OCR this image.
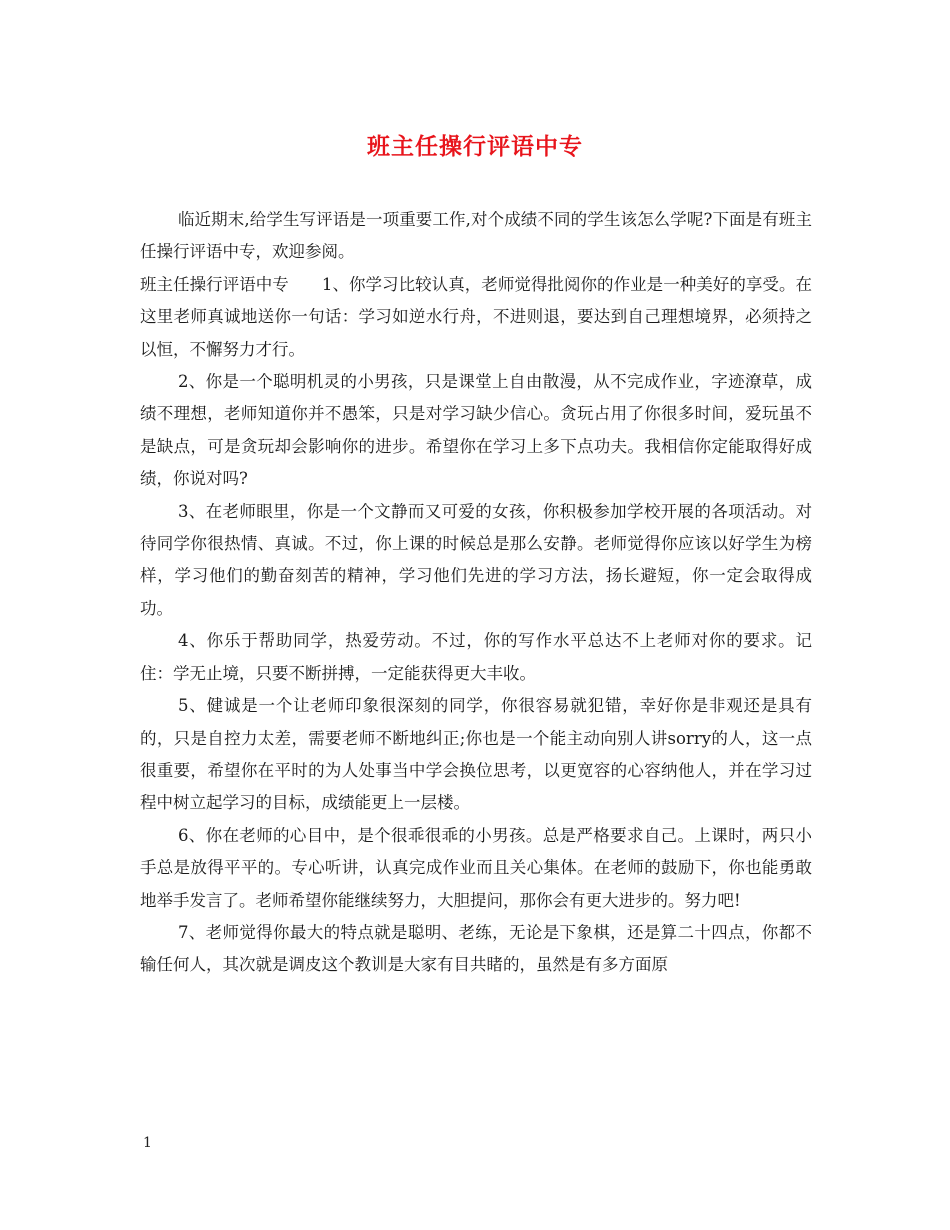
班主任操行评语中专

临近期末,给学生写评语是一项重要工作,对个成绩不同的学生该怎么学呢?下面是有班主任操行评语中专，欢迎参阅。

班主任操行评语中专　　1、你学习比较认真，老师觉得批阅你的作业是一种美好的享受。在这里老师真诚地送你一句话：学习如逆水行舟，不进则退，要达到自己理想境界，必须持之以恒，不懈努力才行。

2、你是一个聪明机灵的小男孩，只是课堂上自由散漫，从不完成作业，字迹潦草，成绩不理想，老师知道你并不愚笨，只是对学习缺少信心。贪玩占用了你很多时间，爱玩虽不是缺点，可是贪玩却会影响你的进步。希望你在学习上多下点功夫。我相信你定能取得好成绩，你说对吗?

3、在老师眼里，你是一个文静而又可爱的女孩，你积极参加学校开展的各项活动。对待同学你很热情、真诚。不过，你上课的时候总是那么安静。老师觉得你应该以好学生为榜样，学习他们的勤奋刻苦的精神，学习他们先进的学习方法，扬长避短，你一定会取得成功。

4、你乐于帮助同学，热爱劳动。不过，你的写作水平总达不上老师对你的要求。记住：学无止境，只要不断拼搏，一定能获得更大丰收。

5、健诚是一个让老师印象很深刻的同学，你很容易就犯错，幸好你是非观还是具有的，只是自控力太差，需要老师不断地纠正;你也是一个能主动向别人讲sorry的人，这一点很重要，希望你在平时的为人处事当中学会换位思考，以更宽容的心容纳他人，并在学习过程中树立起学习的目标，成绩能更上一层楼。

6、你在老师的心目中，是个很乖很乖的小男孩。总是严格要求自己。上课时，两只小手总是放得平平的。专心听讲，认真完成作业而且关心集体。在老师的鼓励下，你也能勇敢地举手发言了。老师希望你能继续努力，大胆提问，那你会有更大进步的。努力吧!

7、老师觉得你最大的特点就是聪明、老练，无论是下象棋，还是算二十四点，你都不输任何人，其次就是调皮这个教训是大家有目共睹的，虽然是有多方面原

1
